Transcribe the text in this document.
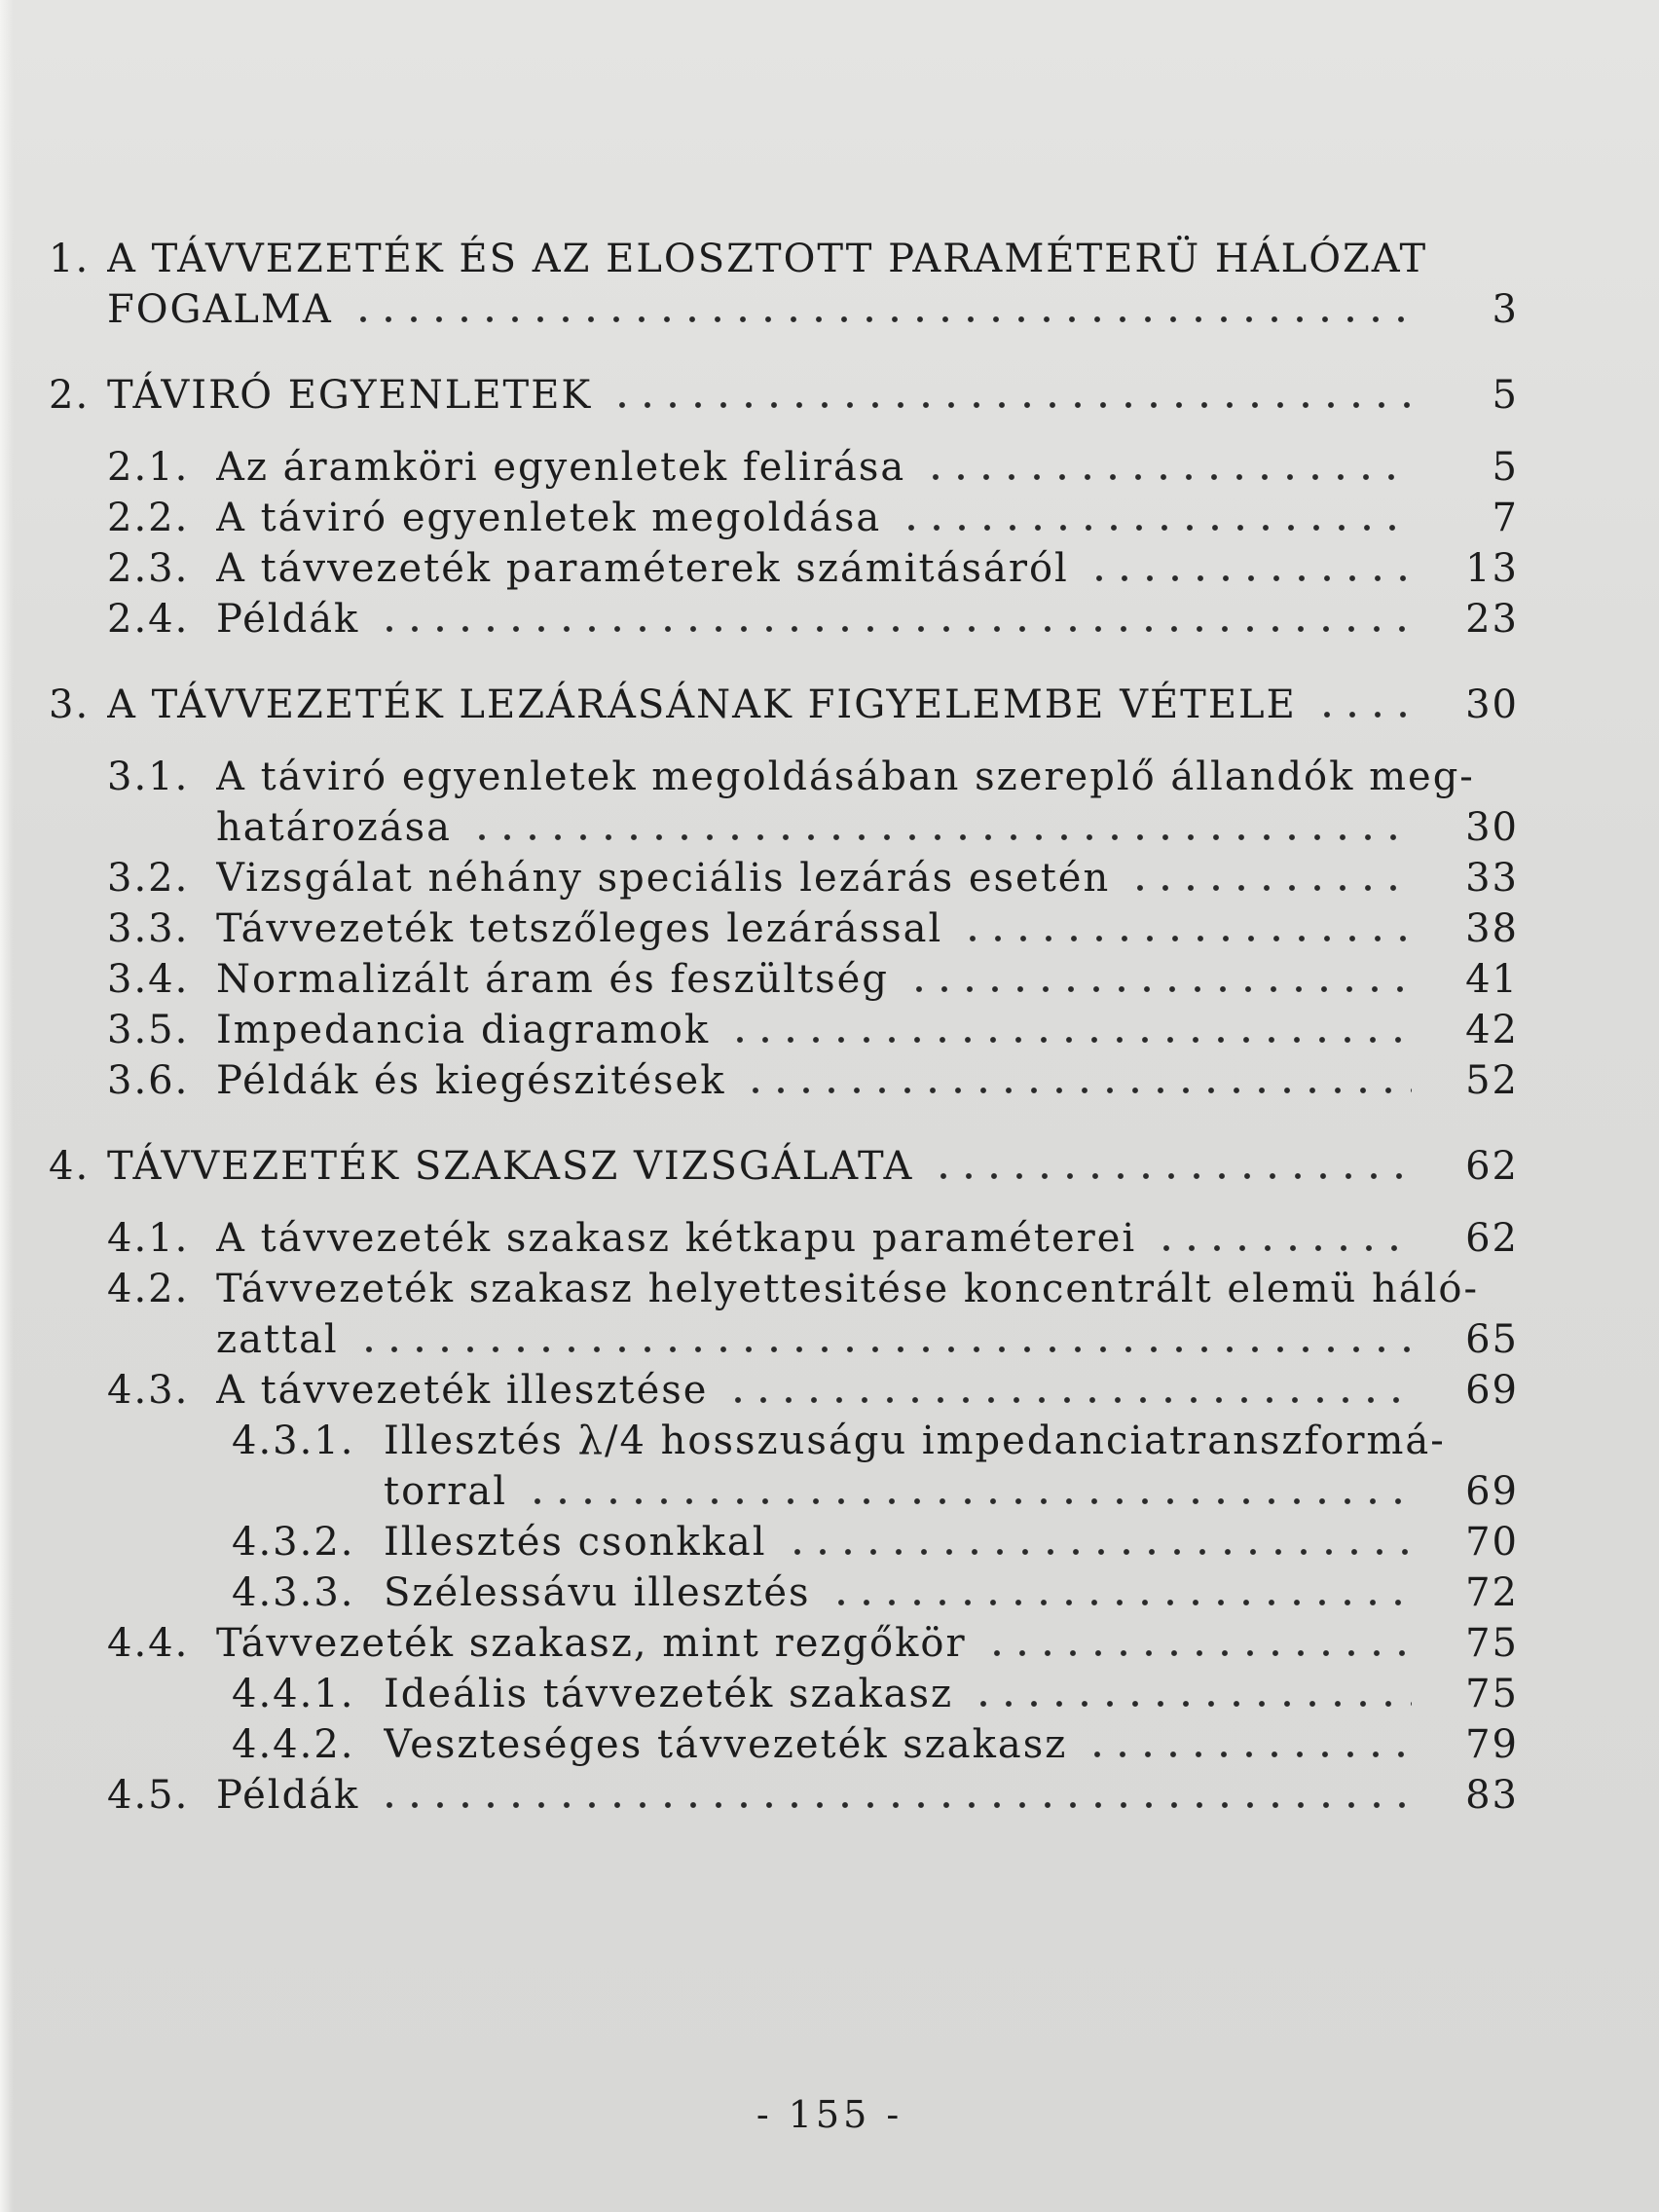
1. A TÁVVEZETÉK ÉS AZ ELOSZTOTT PARAMÉTERÜ HÁLÓZAT
FOGALMA	3
2. TÁVIRÓ EGYENLETEK	5
2.1. Az áramköri egyenletek felirása	5
2.2. A táviró egyenletek megoldása	7
2.3. A távvezeték paraméterek számitásáról	13
2.4. Példák	23
3. A TÁVVEZETÉK LEZÁRÁSÁNAK FIGYELEMBE VÉTELE	30
3.1. A táviró egyenletek megoldásában szereplő állandók meg-
határozása	30
3.2. Vizsgálat néhány speciális lezárás esetén	33
3.3. Távvezeték tetszőleges lezárással	38
3.4. Normalizált áram és feszültség	41
3.5. Impedancia diagramok	42
3.6. Példák és kiegészitések	52
4. TÁVVEZETÉK SZAKASZ VIZSGÁLATA	62
4.1. A távvezeték szakasz kétkapu paraméterei	62
4.2. Távvezeték szakasz helyettesitése koncentrált elemü hálό-
zattal	65
4.3. A távvezeték illesztése	69
4.3.1. Illesztés λ/4 hosszuságu impedanciatranszformá-
torral	69
4.3.2. Illesztés csonkkal	70
4.3.3. Szélessávu illesztés	72
4.4. Távvezeték szakasz, mint rezgőkör	75
4.4.1. Ideális távvezeték szakasz	75
4.4.2. Veszteséges távvezeték szakasz	79
4.5. Példák	83
- 155 -
